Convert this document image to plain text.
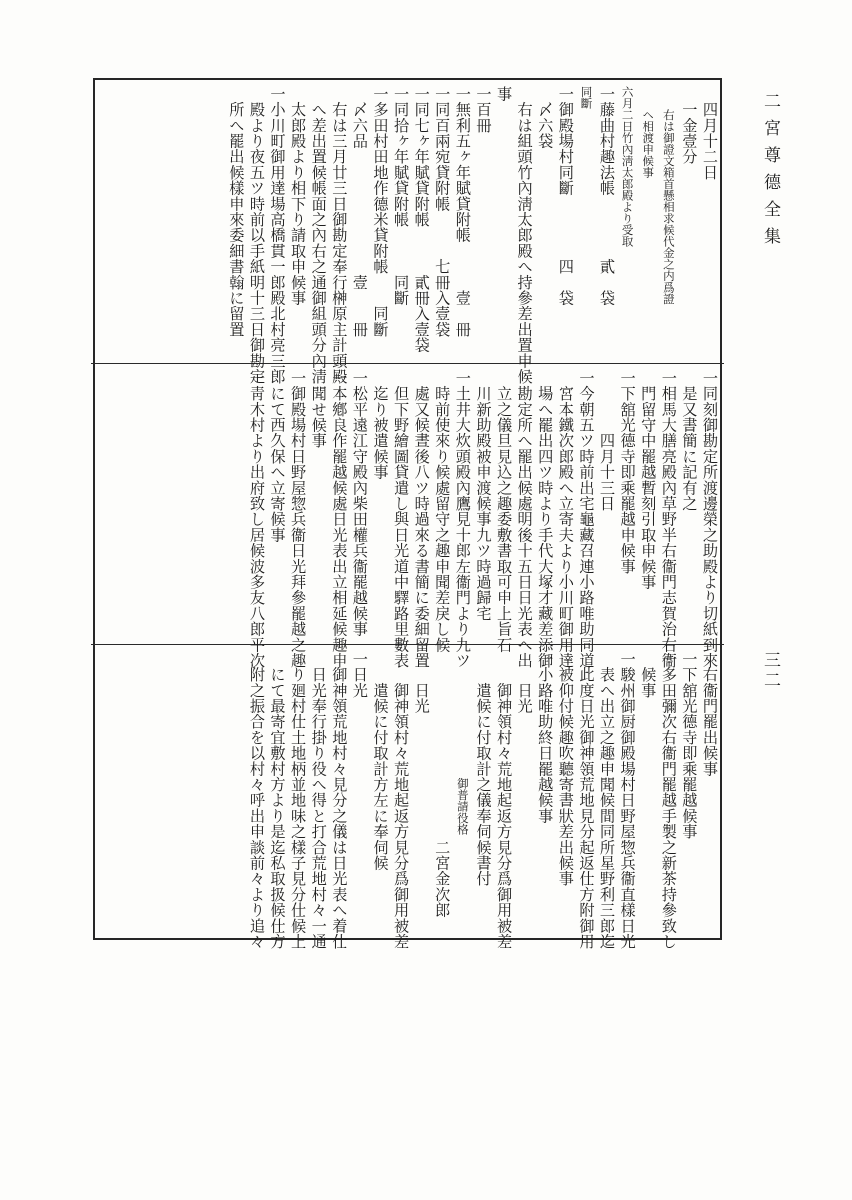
二宮尊德全集
三二
　四月十二日
　一金壹分
　　右は御證文箱首懸相求候代金之内爲證
　　ヘ相渡申候事
六月二日竹內淸太郎殿より受取
一藤曲村趣法帳　　　　貳　袋
同斷
一御殿場村同斷　　　　四　袋
　〆六袋
　右は組頭竹內淸太郎殿へ持參差出置申候
事
一百冊
一無利五ヶ年賦貸附帳　　　壹　冊
一同百兩宛貸附帳　　　七冊入壹袋
一同七ヶ年賦貸附帳　　　貳冊入壹袋
一同拾ヶ年賦貸附帳　　　同斷
一多田村田地作德米貸附帳　　同斷
　〆六品　　　　　　　　壹　　冊
　右は三月廿三日御勘定奉行榊原主計頭殿
　へ差出置候帳面之內右之通御組頭分內淸
　太郎殿より相下り請取申候事
一小川町御用達場高橋貫一郎殿北村亮三郎
　殿より夜五ツ時前以手紙明十三日御勘定
　所へ罷出候樣申來委細書翰に留置
一同刻御勘定所渡邊榮之助殿より切紙到來
　是又書簡に記有之
一相馬大膳亮殿內草野半右衞門志賀治右衞
　門留守中罷越暫刻引取申候事
一下舘光德寺即乘罷越申候事
　　　　四月十三日
一今朝五ツ時前出宅龜藏召連小路唯助同道
　宮本鐵次郎殿へ立寄夫より小川町御用達
　場へ罷出四ツ時より手代大塚才藏差添御
　勘定所へ罷出候處明後十五日日光表へ出
　立之儀旦見込之趣委敷書取可申上旨石
　川新助殿被申渡候事九ツ時過歸宅
一土井大炊頭殿內鷹見十郎左衞門より九ツ
　時前使來り候處留守之趣申聞差戾し候
　處又候晝後八ツ時過來る書簡に委細留置
　但下野繪圖貸遣し與日光道中驛路里數表
　迄り被遣候事
一松平遠江守殿內柴田權兵衞罷越候事
一本鄕良作罷越候處日光表出立相延候趣申
　聞せ候事
一御殿場村日野屋惣兵衞日光拜參罷越之趣
　にて西久保へ立寄候事
一靑木村より出府致し居候波多友八郎平次
　右衞門罷出候事
一下舘光德寺即乘罷越候事
一多田彌次右衞門罷越手製之新茶持參致し
　候事
一駿州御厨御殿場村日野屋惣兵衞直樣日光
　表へ出立之趣申聞候間同所星野利三郎迄
　此度日光御神領荒地見分起返仕方附御用
　被仰付候趣吹聽寄書狀差出候事
一小路唯助終日罷越候事
　　日光
　　御神領村々荒地起返方見分爲御用被差
　　遣候に付取計之儀奉伺候書付
　　　　　　　　　　　御普請役格
　　　　　　　　　　　　二宮金次郎
　　日光
　　御神領村々荒地起返方見分爲御用被差
　　遣候に付取計方左に奉伺候
一日光
　御神領荒地村々見分之儀は日光表へ着仕
　日光奉行掛り役へ得と打合荒地村々一通
　り廻村仕土地柄並地味之樣子見分仕候上
　にて最寄宜敷村方より是迄私取扱候仕方
　附之振合を以村々呼出申談前々より追々
